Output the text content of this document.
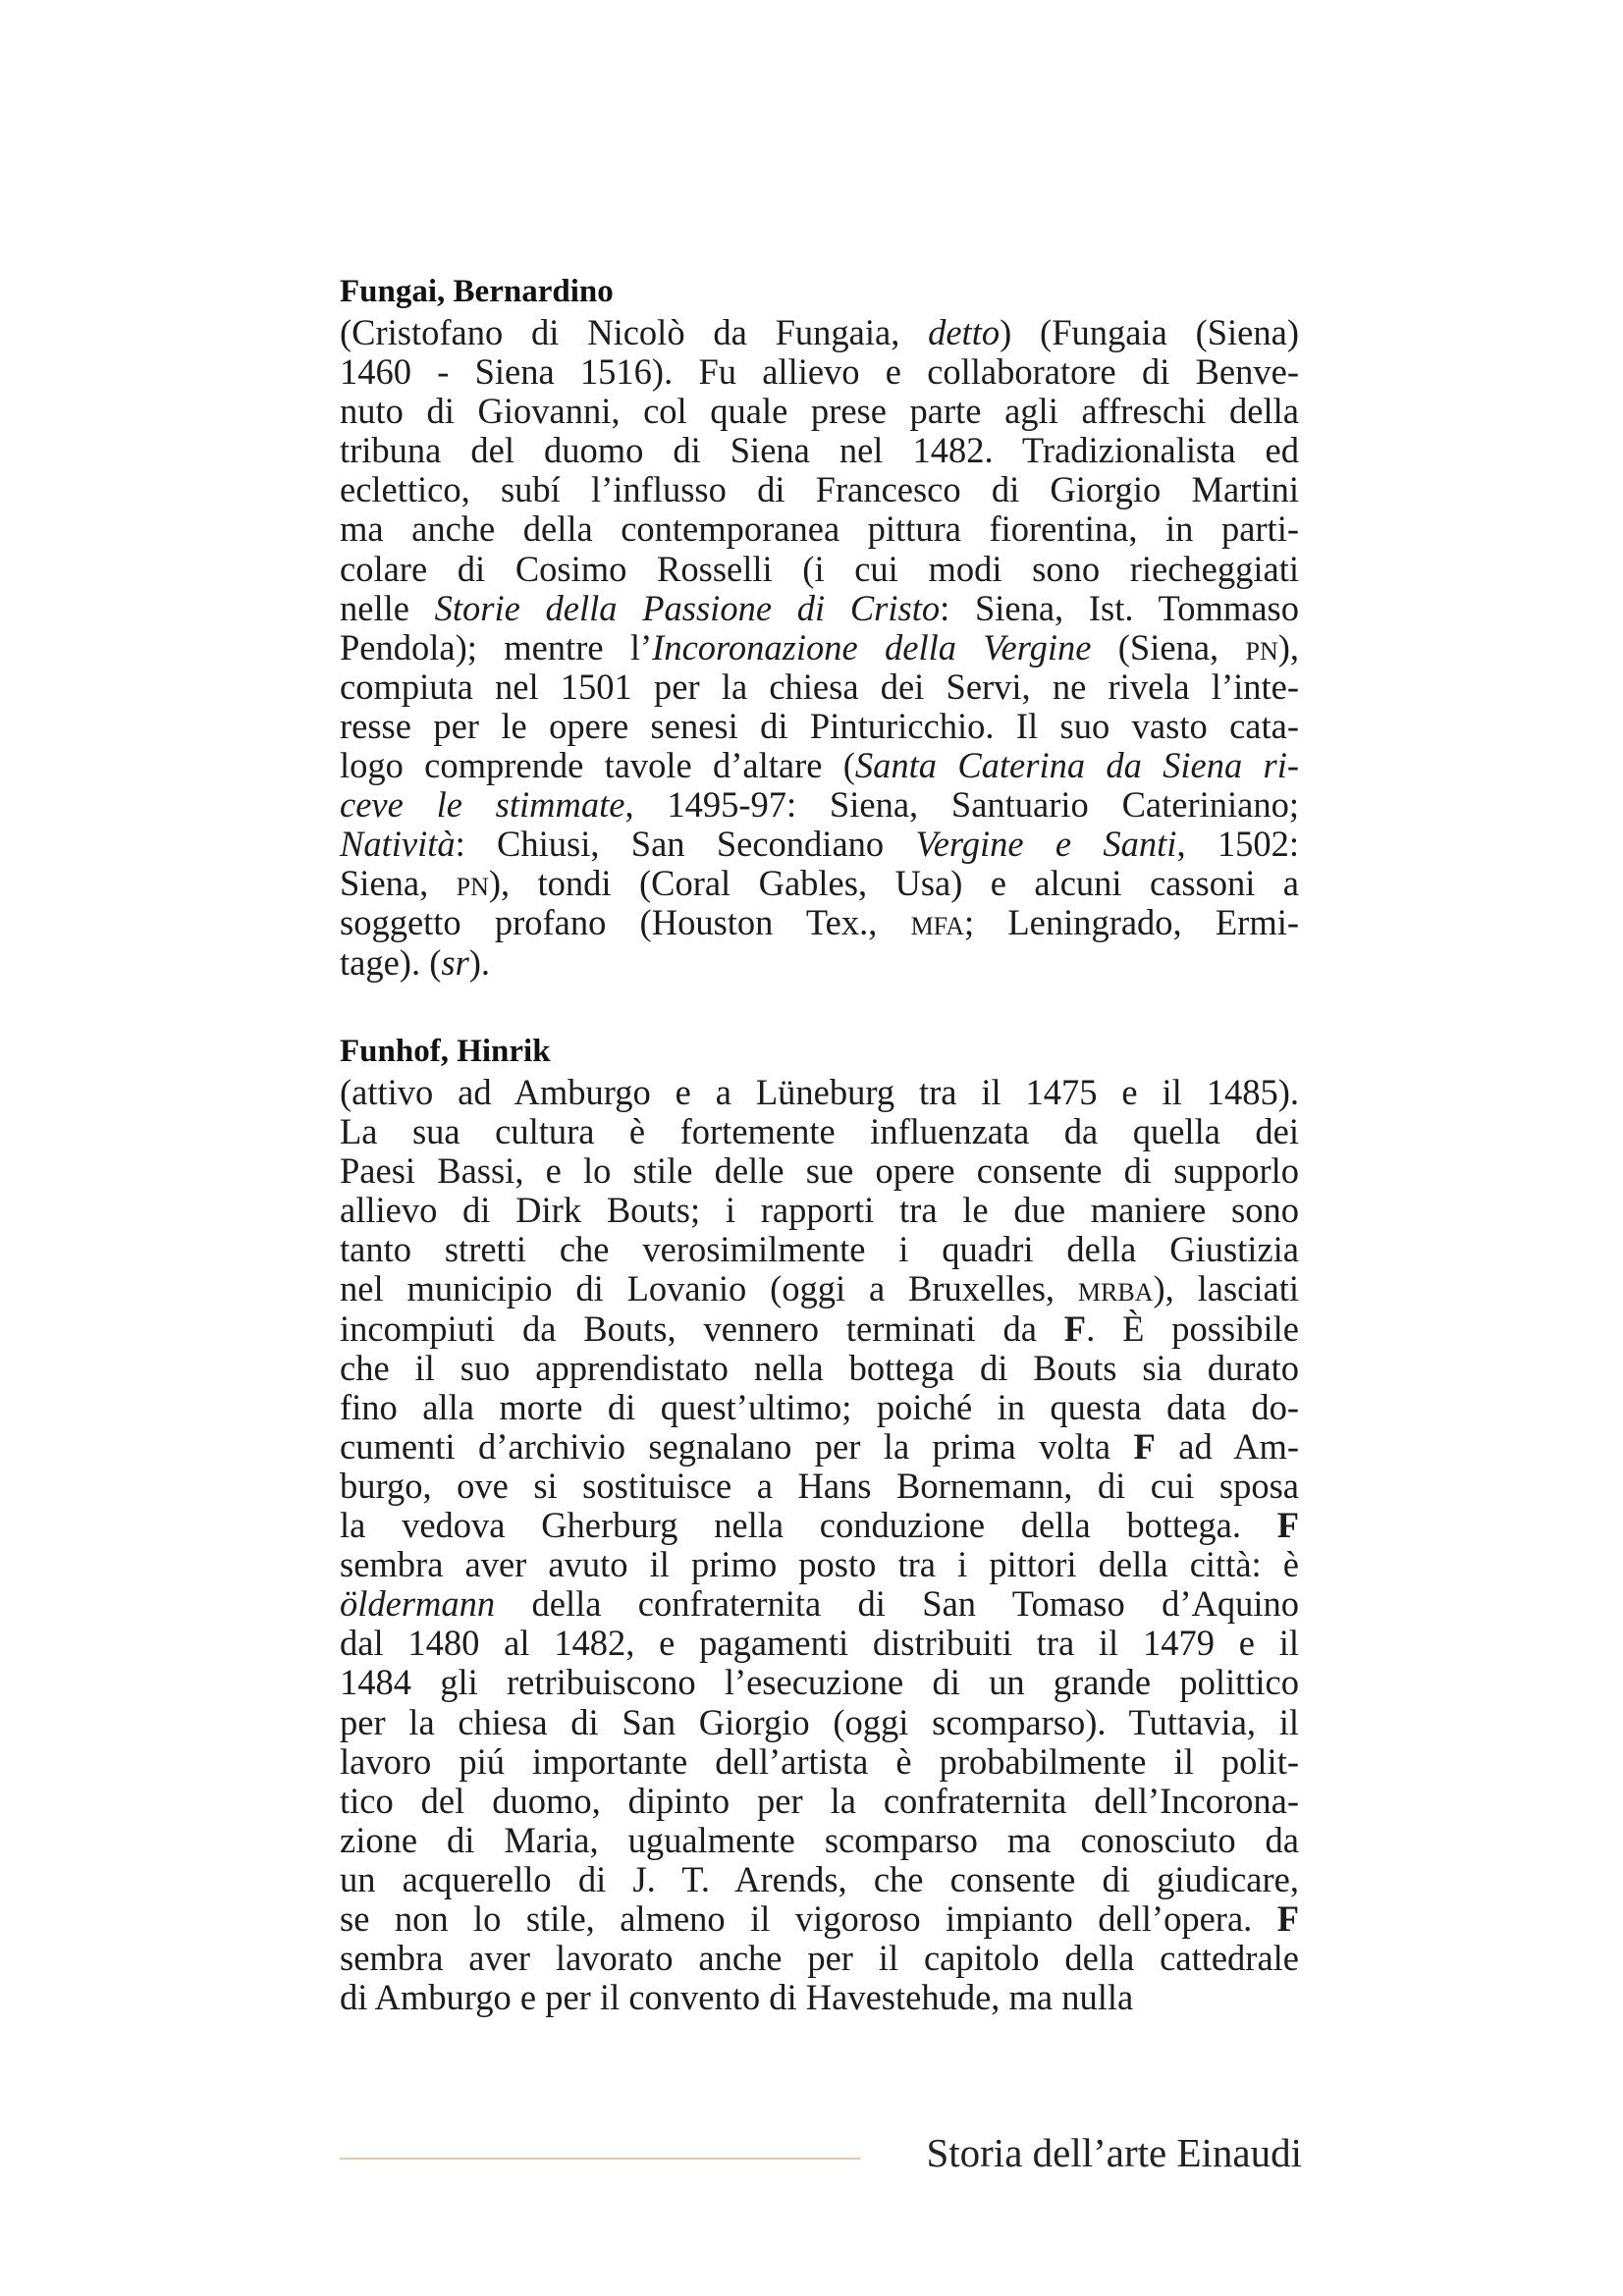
Fungai, Bernardino
(Cristofano di Nicolò da Fungaia, detto) (Fungaia (Siena)
1460 - Siena 1516). Fu allievo e collaboratore di Benve-
nuto di Giovanni, col quale prese parte agli affreschi della
tribuna del duomo di Siena nel 1482. Tradizionalista ed
eclettico, subí l’influsso di Francesco di Giorgio Martini
ma anche della contemporanea pittura fiorentina, in parti-
colare di Cosimo Rosselli (i cui modi sono riecheggiati
nelle Storie della Passione di Cristo: Siena, Ist. Tommaso
Pendola); mentre l’Incoronazione della Vergine (Siena, pn),
compiuta nel 1501 per la chiesa dei Servi, ne rivela l’inte-
resse per le opere senesi di Pinturicchio. Il suo vasto cata-
logo comprende tavole d’altare (Santa Caterina da Siena ri-
ceve le stimmate, 1495-97: Siena, Santuario Cateriniano;
Natività: Chiusi, San Secondiano Vergine e Santi, 1502:
Siena, pn), tondi (Coral Gables, Usa) e alcuni cassoni a
soggetto profano (Houston Tex., mfa; Leningrado, Ermi-
tage). (sr).
Funhof, Hinrik
(attivo ad Amburgo e a Lüneburg tra il 1475 e il 1485).
La sua cultura è fortemente influenzata da quella dei
Paesi Bassi, e lo stile delle sue opere consente di supporlo
allievo di Dirk Bouts; i rapporti tra le due maniere sono
tanto stretti che verosimilmente i quadri della Giustizia
nel municipio di Lovanio (oggi a Bruxelles, mrba), lasciati
incompiuti da Bouts, vennero terminati da F. È possibile
che il suo apprendistato nella bottega di Bouts sia durato
fino alla morte di quest’ultimo; poiché in questa data do-
cumenti d’archivio segnalano per la prima volta F ad Am-
burgo, ove si sostituisce a Hans Bornemann, di cui sposa
la vedova Gherburg nella conduzione della bottega. F
sembra aver avuto il primo posto tra i pittori della città: è
öldermann della confraternita di San Tomaso d’Aquino
dal 1480 al 1482, e pagamenti distribuiti tra il 1479 e il
1484 gli retribuiscono l’esecuzione di un grande polittico
per la chiesa di San Giorgio (oggi scomparso). Tuttavia, il
lavoro piú importante dell’artista è probabilmente il polit-
tico del duomo, dipinto per la confraternita dell’Incorona-
zione di Maria, ugualmente scomparso ma conosciuto da
un acquerello di J. T. Arends, che consente di giudicare,
se non lo stile, almeno il vigoroso impianto dell’opera. F
sembra aver lavorato anche per il capitolo della cattedrale
di Amburgo e per il convento di Havestehude, ma nulla
Storia dell’arte Einaudi
